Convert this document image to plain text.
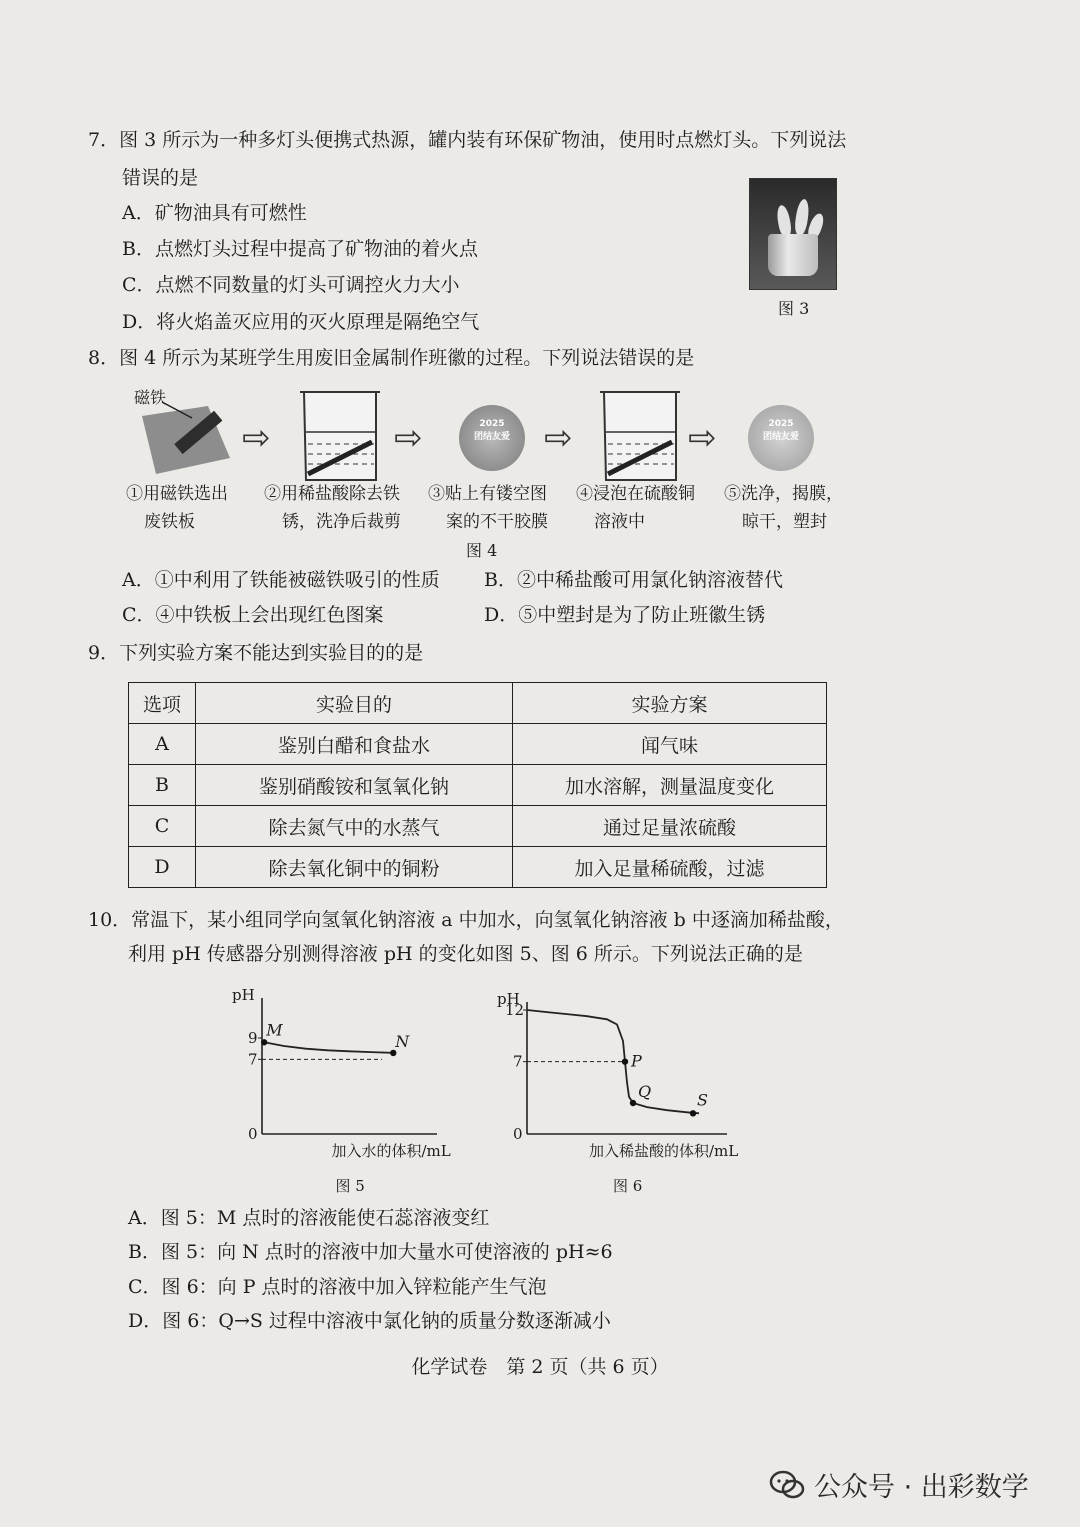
7．图 3 所示为一种多灯头便携式热源，罐内装有环保矿物油，使用时点燃灯头。下列说法
错误的是
A．矿物油具有可燃性
B．点燃灯头过程中提高了矿物油的着火点
C．点燃不同数量的灯头可调控火力大小
D．将火焰盖灭应用的灭火原理是隔绝空气
图 3
8．图 4 所示为某班学生用废旧金属制作班徽的过程。下列说法错误的是
磁铁
⇨	⇨	2025
团结友爱	⇨	⇨	2025
团结友爱
①用磁铁选出
废铁板
②用稀盐酸除去铁
锈，洗净后裁剪
③贴上有镂空图
案的不干胶膜
④浸泡在硫酸铜
溶液中
⑤洗净，揭膜，
晾干，塑封
图 4
A．①中利用了铁能被磁铁吸引的性质 B．②中稀盐酸可用氯化钠溶液替代
C．④中铁板上会出现红色图案	D．⑤中塑封是为了防止班徽生锈
9．下列实验方案不能达到实验目的的是
选项	实验目的	实验方案
A	鉴别白醋和食盐水	闻气味
B	鉴别硝酸铵和氢氧化钠	加水溶解，测量温度变化
C	除去氮气中的水蒸气	通过足量浓硫酸
D	除去氧化铜中的铜粉	加入足量稀硫酸，过滤
10．常温下，某小组同学向氢氧化钠溶液 a 中加水，向氢氧化钠溶液 b 中逐滴加稀盐酸，
利用 pH 传感器分别测得溶液 pH 的变化如图 5、图 6 所示。下列说法正确的是
pH
加入水的体积/mL
图 5
0
7
9 M
N
pH
加入稀盐酸的体积/mL
图 6
0
7
12
P
Q	S
A．图 5：M 点时的溶液能使石蕊溶液变红
B．图 5：向 N 点时的溶液中加大量水可使溶液的 pH≈6
C．图 6：向 P 点时的溶液中加入锌粒能产生气泡
D．图 6：Q→S 过程中溶液中氯化钠的质量分数逐渐减小
化学试卷　第 2 页（共 6 页）
公众号 · 出彩数学
